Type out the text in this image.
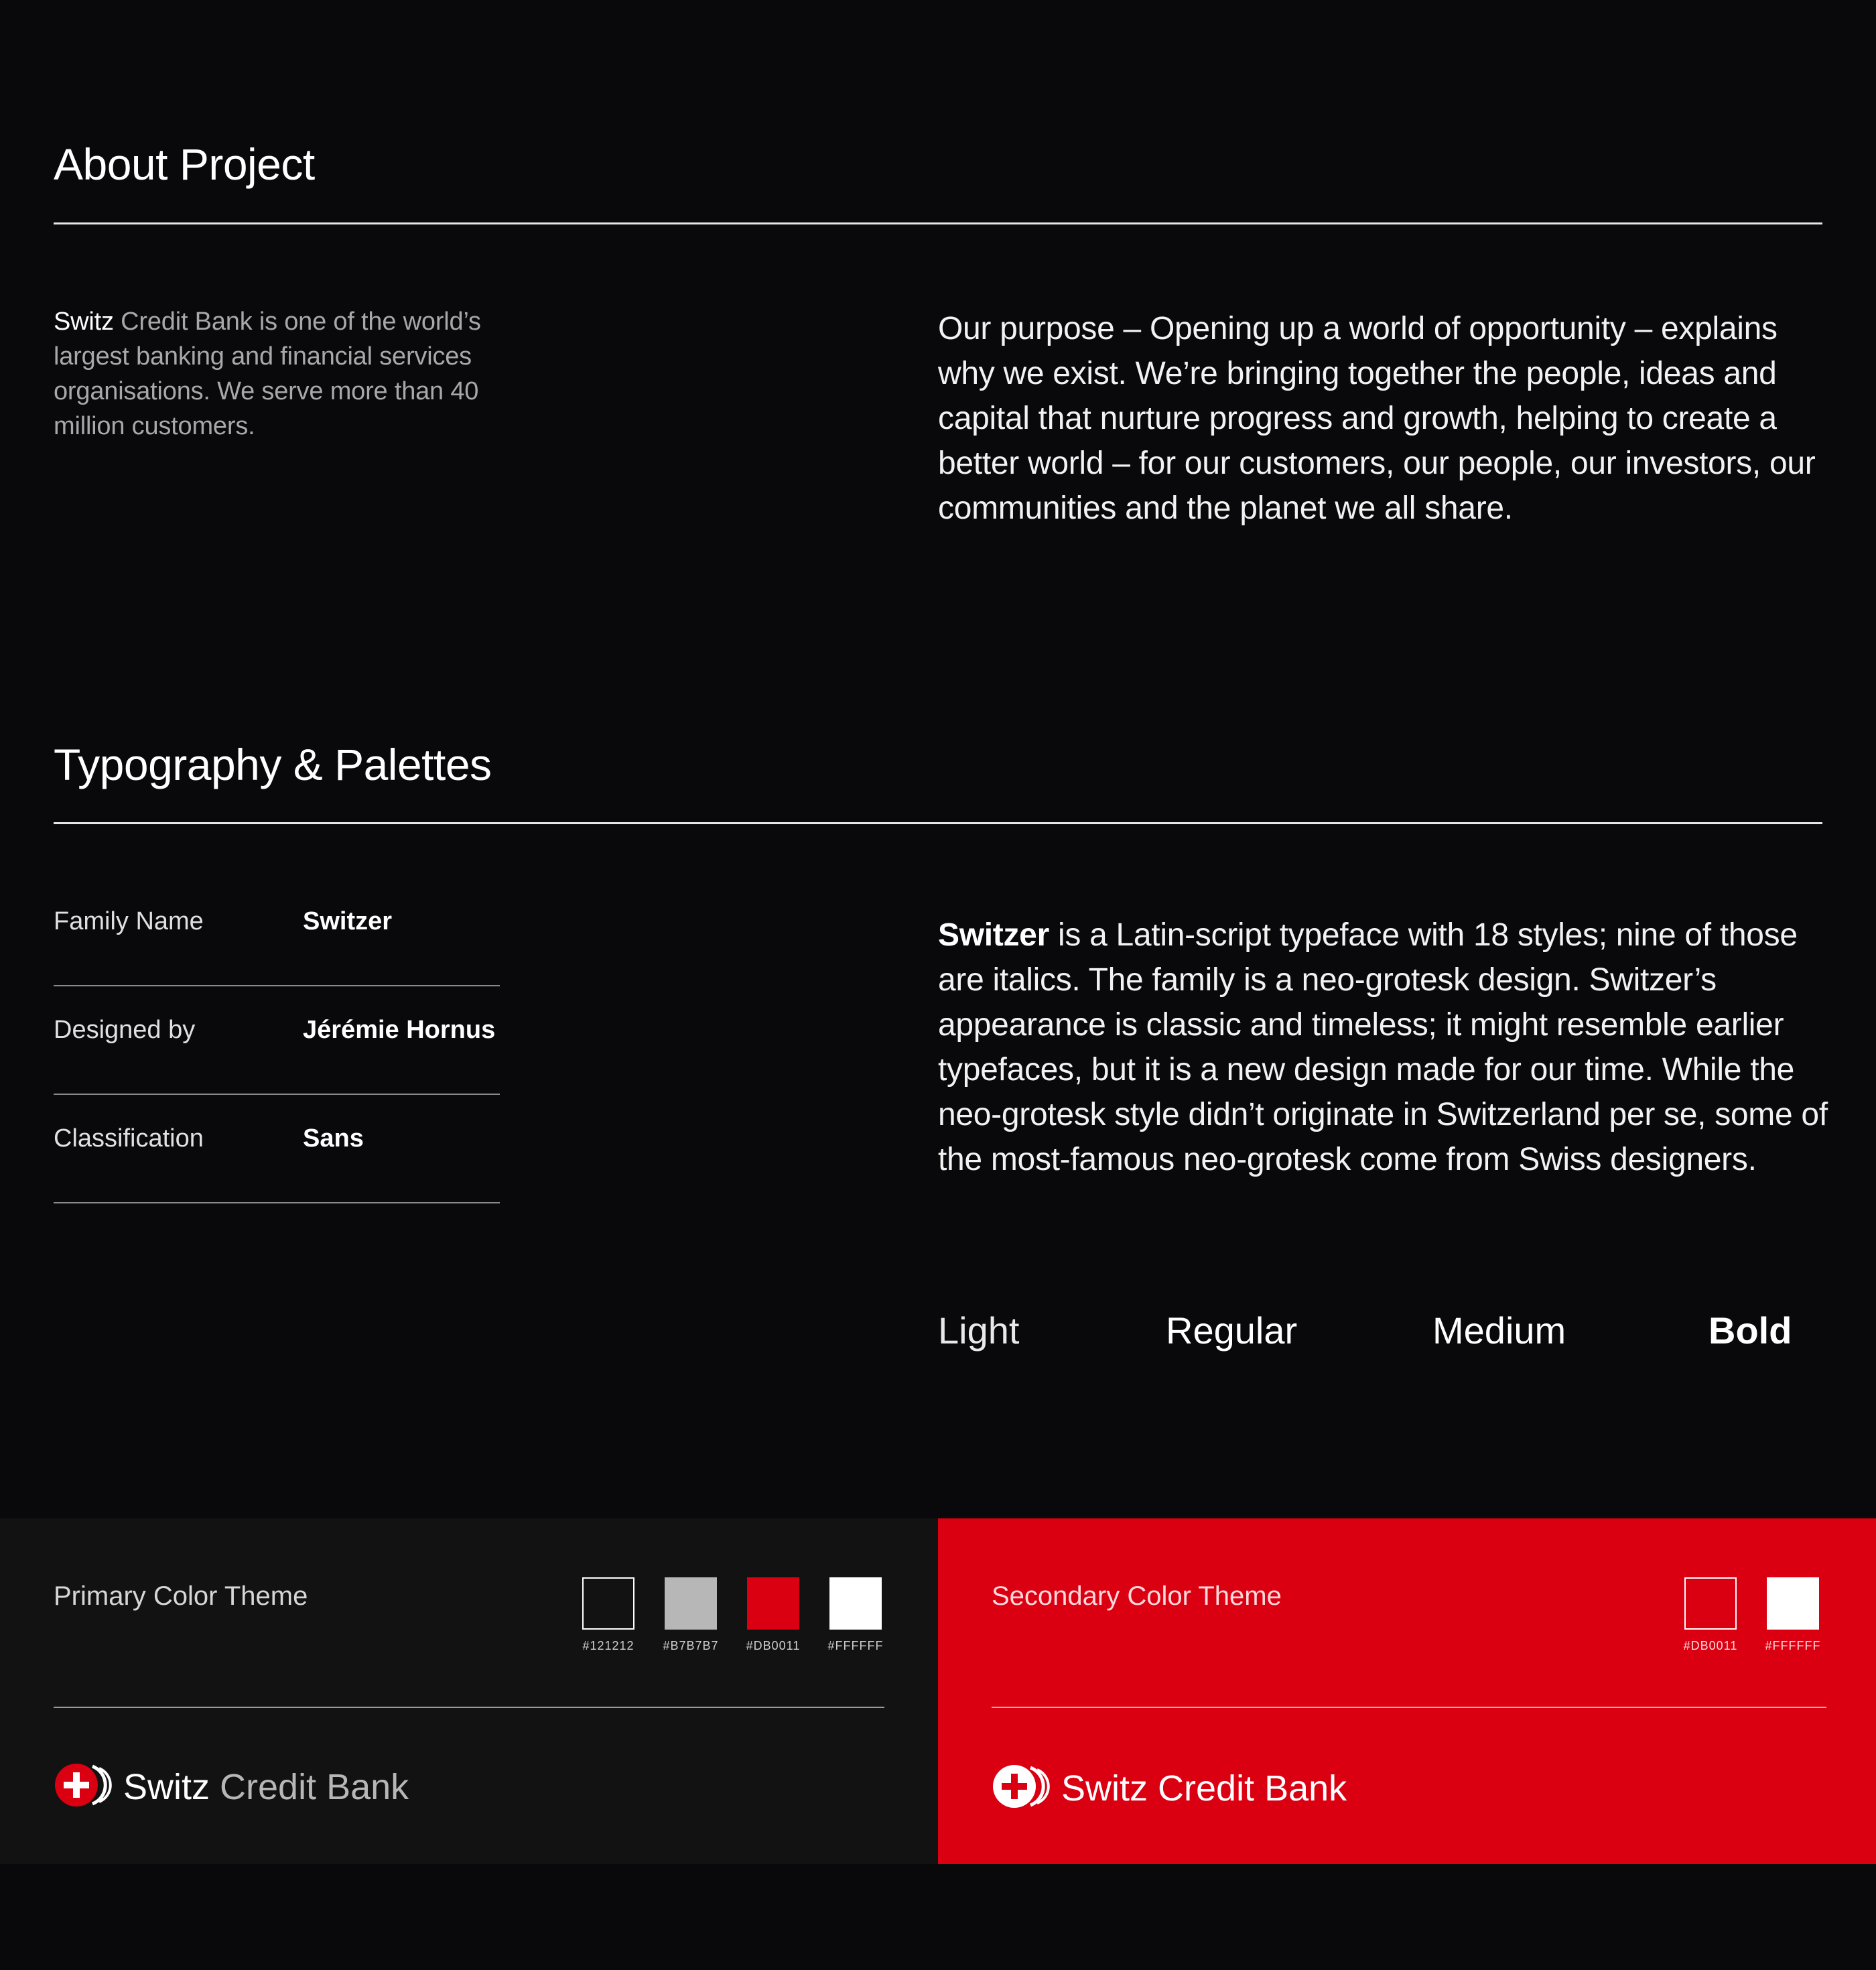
About Project
Switz Credit Bank is one of the world’s largest banking and financial services organisations. We serve more than 40 million customers.
Our purpose – Opening up a world of opportunity – explains why we exist. We’re bringing together the people, ideas and capital that nurture progress and growth, helping to create a better world – for our customers, our people, our investors, our communities and the planet we all share.
Typography & Palettes
Family Name	Switzer
Designed by	Jérémie Hornus
Classification	Sans
Switzer is a Latin-script typeface with 18 styles; nine of those are italics. The family is a neo-grotesk design. Switzer’s appearance is classic and timeless; it might resemble earlier typefaces, but it is a new design made for our time. While the neo-grotesk style didn’t originate in Switzerland per se, some of the most-famous neo-grotesk come from Swiss designers.
Light	Regular	Medium	Bold
Primary Color Theme
#121212	#B7B7B7	#DB0011	#FFFFFF
Switz Credit Bank
Secondary Color Theme
#DB0011	#FFFFFF
Switz Credit Bank
